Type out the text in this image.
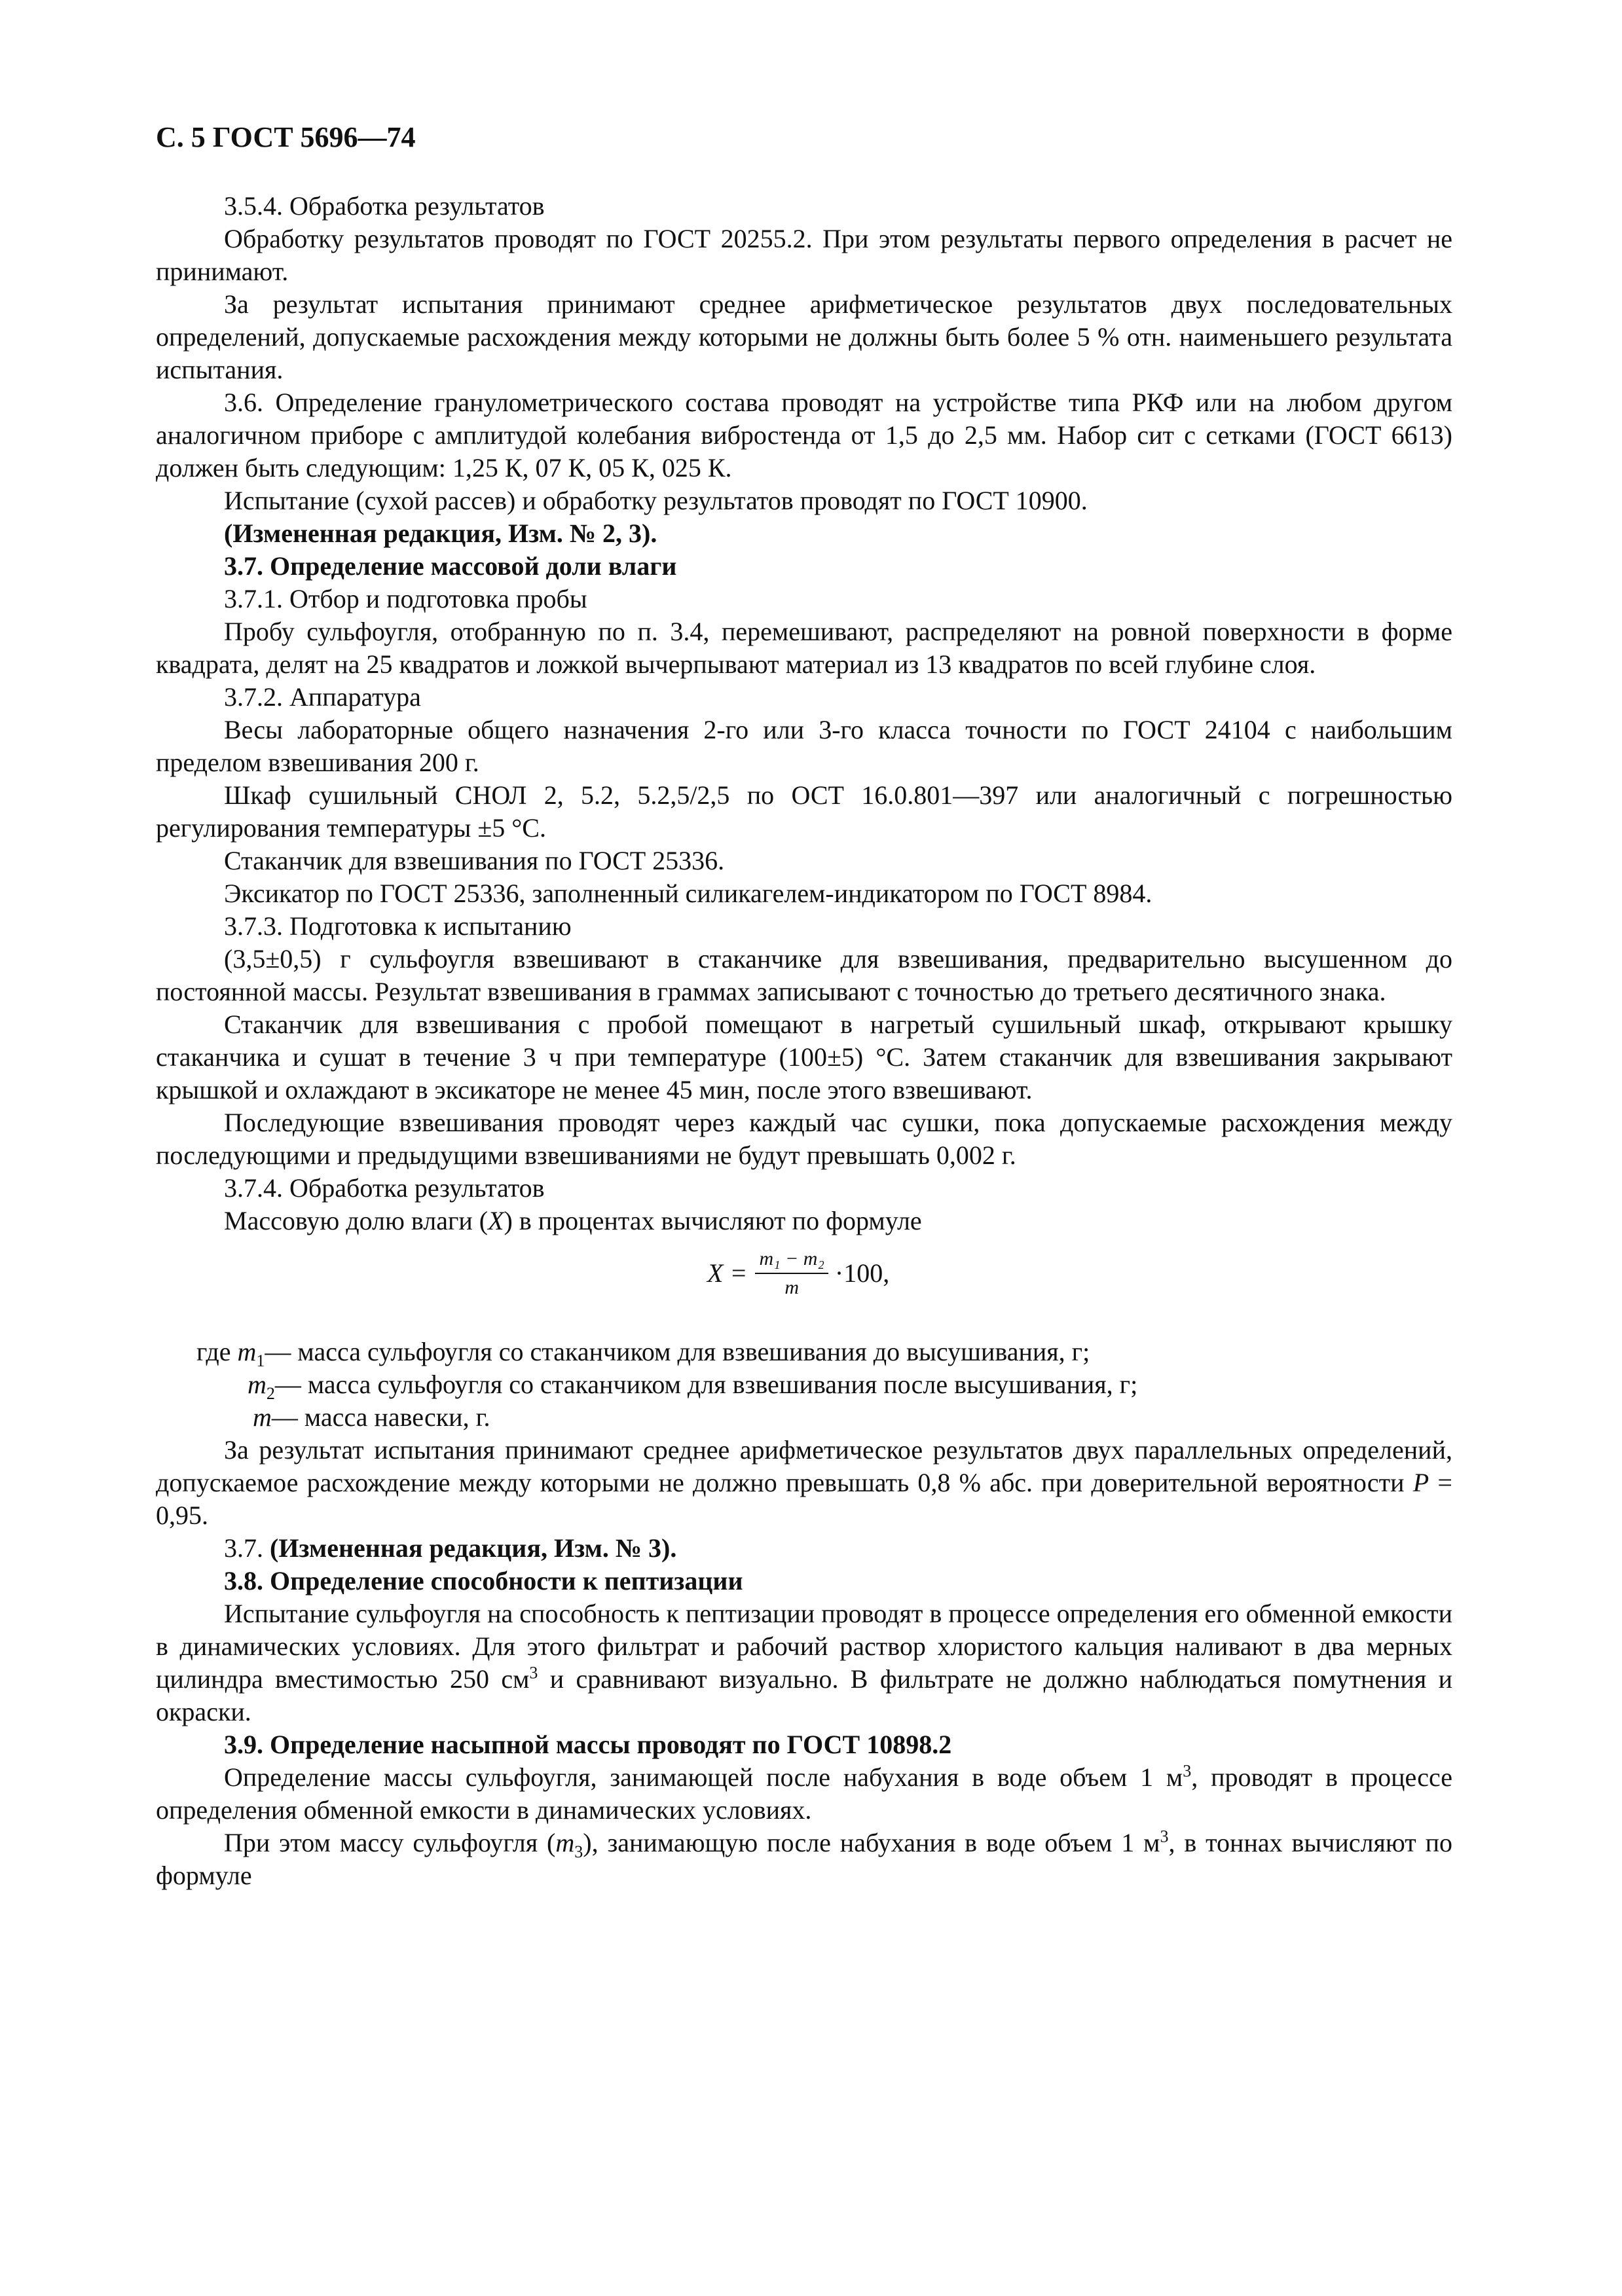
С. 5 ГОСТ 5696—74

3.5.4. Обработка результатов

Обработку результатов проводят по ГОСТ 20255.2. При этом результаты первого определения в расчет не принимают.

За результат испытания принимают среднее арифметическое результатов двух последовательных определений, допускаемые расхождения между которыми не должны быть более 5 % отн. наименьшего результата испытания.

3.6. Определение гранулометрического состава проводят на устройстве типа РКФ или на любом другом аналогичном приборе с амплитудой колебания вибростенда от 1,5 до 2,5 мм. Набор сит с сетками (ГОСТ 6613) должен быть следующим: 1,25 К, 07 К, 05 К, 025 К.

Испытание (сухой рассев) и обработку результатов проводят по ГОСТ 10900.

(Измененная редакция, Изм. № 2, 3).

3.7. Определение массовой доли влаги

3.7.1. Отбор и подготовка пробы

Пробу сульфоугля, отобранную по п. 3.4, перемешивают, распределяют на ровной поверхности в форме квадрата, делят на 25 квадратов и ложкой вычерпывают материал из 13 квадратов по всей глубине слоя.

3.7.2. Аппаратура

Весы лабораторные общего назначения 2-го или 3-го класса точности по ГОСТ 24104 с наибольшим пределом взвешивания 200 г.

Шкаф сушильный СНОЛ 2, 5.2, 5.2,5/2,5 по ОСТ 16.0.801—397 или аналогичный с погрешностью регулирования температуры ±5 °С.

Стаканчик для взвешивания по ГОСТ 25336.

Эксикатор по ГОСТ 25336, заполненный силикагелем-индикатором по ГОСТ 8984.

3.7.3. Подготовка к испытанию

(3,5±0,5) г сульфоугля взвешивают в стаканчике для взвешивания, предварительно высушенном до постоянной массы. Результат взвешивания в граммах записывают с точностью до третьего десятичного знака.

Стаканчик для взвешивания с пробой помещают в нагретый сушильный шкаф, открывают крышку стаканчика и сушат в течение 3 ч при температуре (100±5) °С. Затем стаканчик для взвешивания закрывают крышкой и охлаждают в эксикаторе не менее 45 мин, после этого взвешивают.

Последующие взвешивания проводят через каждый час сушки, пока допускаемые расхождения между последующими и предыдущими взвешиваниями не будут превышать 0,002 г.

3.7.4. Обработка результатов

Массовую долю влаги (X) в процентах вычисляют по формуле

$X = \frac{\text{m₁ − m₂}}{m} \cdot 100$,

где $m_1—$ масса сульфоугля со стаканчиком для взвешивания до высушивания, г;

$m_2—$ масса сульфоугля со стаканчиком для взвешивания после высушивания, г;

m— масса навески, г.

За результат испытания принимают среднее арифметическое результатов двух параллельных определений, допускаемое расхождение между которыми не должно превышать 0,8 % абс. при доверительной вероятности P = 0,95.

3.7. (Измененная редакция, Изм. № 3).

3.8. Определение способности к пептизации

Испытание сульфоугля на способность к пептизации проводят в процессе определения его обменной емкости в динамических условиях. Для этого фильтрат и рабочий раствор хлористого кальция наливают в два мерных цилиндра вместимостью 250 $см^3$ и сравнивают визуально. В фильтрате не должно наблюдаться помутнения и окраски.

3.9. Определение насыпной массы проводят по ГОСТ 10898.2

Определение массы сульфоугля, занимающей после набухания в воде объем 1 $м^3$, проводят в процессе определения обменной емкости в динамических условиях.

При этом массу сульфоугля $(m_3)$, занимающую после набухания в воде объем 1 $м^3$, в тоннах вычисляют по формуле
